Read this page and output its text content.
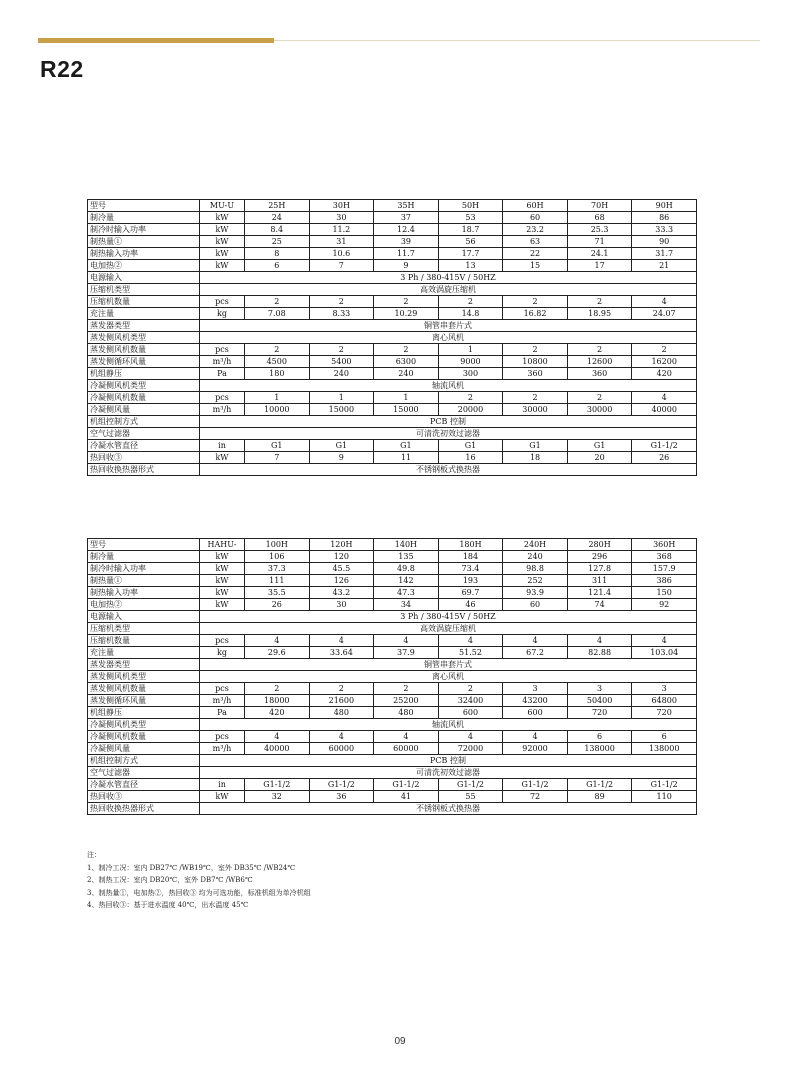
R22
型号	MU-U	25H	30H	35H	50H	60H	70H	90H
制冷量	kW	24	30	37	53	60	68	86
制冷时输入功率	kW	8.4	11.2	12.4	18.7	23.2	25.3	33.3
制热量①	kW	25	31	39	56	63	71	90
制热输入功率	kW	8	10.6	11.7	17.7	22	24.1	31.7
电加热②	kW	6	7	9	13	15	17	21
电源输入	3 Ph / 380-415V / 50HZ							
压缩机类型	高效涡旋压缩机							
压缩机数量	pcs	2	2	2	2	2	2	4
充注量	kg	7.08	8.33	10.29	14.8	16.82	18.95	24.07
蒸发器类型	铜管串套片式							
蒸发侧风机类型	离心风机							
蒸发侧风机数量	pcs	2	2	2	1	2	2	2
蒸发侧循环风量	m³/h	4500	5400	6300	9000	10800	12600	16200
机组静压	Pa	180	240	240	300	360	360	420
冷凝侧风机类型	轴流风机							
冷凝侧风机数量	pcs	1	1	1	2	2	2	4
冷凝侧风量	m³/h	10000	15000	15000	20000	30000	30000	40000
机组控制方式	PCB 控制							
空气过滤器	可清洗初效过滤器							
冷凝水管直径	in	G1	G1	G1	G1	G1	G1	G1-1/2
热回收③	kW	7	9	11	16	18	20	26
热回收换热器形式	不锈钢板式换热器							
型号	HAHU-	100H	120H	140H	180H	240H	280H	360H
制冷量	kW	106	120	135	184	240	296	368
制冷时输入功率	kW	37.3	45.5	49.8	73.4	98.8	127.8	157.9
制热量①	kW	111	126	142	193	252	311	386
制热输入功率	kW	35.5	43.2	47.3	69.7	93.9	121.4	150
电加热②	kW	26	30	34	46	60	74	92
电源输入	3 Ph / 380-415V / 50HZ							
压缩机类型	高效涡旋压缩机							
压缩机数量	pcs	4	4	4	4	4	4	4
充注量	kg	29.6	33.64	37.9	51.52	67.2	82.88	103.04
蒸发器类型	铜管串套片式							
蒸发侧风机类型	离心风机							
蒸发侧风机数量	pcs	2	2	2	2	3	3	3
蒸发侧循环风量	m³/h	18000	21600	25200	32400	43200	50400	64800
机组静压	Pa	420	480	480	600	600	720	720
冷凝侧风机类型	轴流风机							
冷凝侧风机数量	pcs	4	4	4	4	4	6	6
冷凝侧风量	m³/h	40000	60000	60000	72000	92000	138000	138000
机组控制方式	PCB 控制							
空气过滤器	可清洗初效过滤器							
冷凝水管直径	in	G1-1/2	G1-1/2	G1-1/2	G1-1/2	G1-1/2	G1-1/2	G1-1/2
热回收③	kW	32	36	41	55	72	89	110
热回收换热器形式	不锈钢板式换热器							
注：
1、制冷工况：室内 DB27℃ /WB19℃，室外 DB35℃ /WB24℃
2、制热工况：室内 DB20℃，室外 DB7℃ /WB6℃
3、制热量①，电加热②，热回收③ 均为可选功能，标准机组为单冷机组
4、热回收③：基于进水温度 40℃，出水温度 45℃
09
